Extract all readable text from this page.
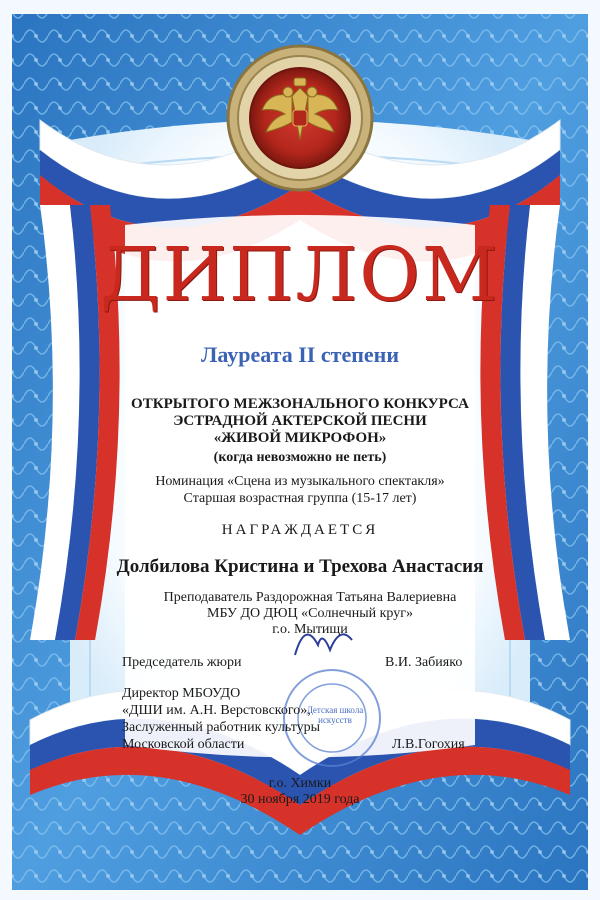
ДИПЛОМ
Лауреата II степени
ОТКРЫТОГО МЕЖЗОНАЛЬНОГО КОНКУРСА
ЭСТРАДНОЙ АКТЕРСКОЙ ПЕСНИ
«ЖИВОЙ МИКРОФОН»
(когда невозможно не петь)
Номинация «Сцена из музыкального спектакля»
Старшая возрастная группа (15-17 лет)
НАГРАЖДАЕТСЯ
Долбилова Кристина и Трехова Анастасия
Преподаватель Раздорожная Татьяна Валериевна
МБУ ДО ДЮЦ «Солнечный круг»
г.о. Мытищи
Председатель жюри	В.И. Забияко
Директор МБОУДО
«ДШИ им. А.Н. Верстовского»,
Заслуженный работник культуры
Московской области	Л.В.Гогохия
Детская школа искусств
г.о. Химки
30 ноября 2019 года
